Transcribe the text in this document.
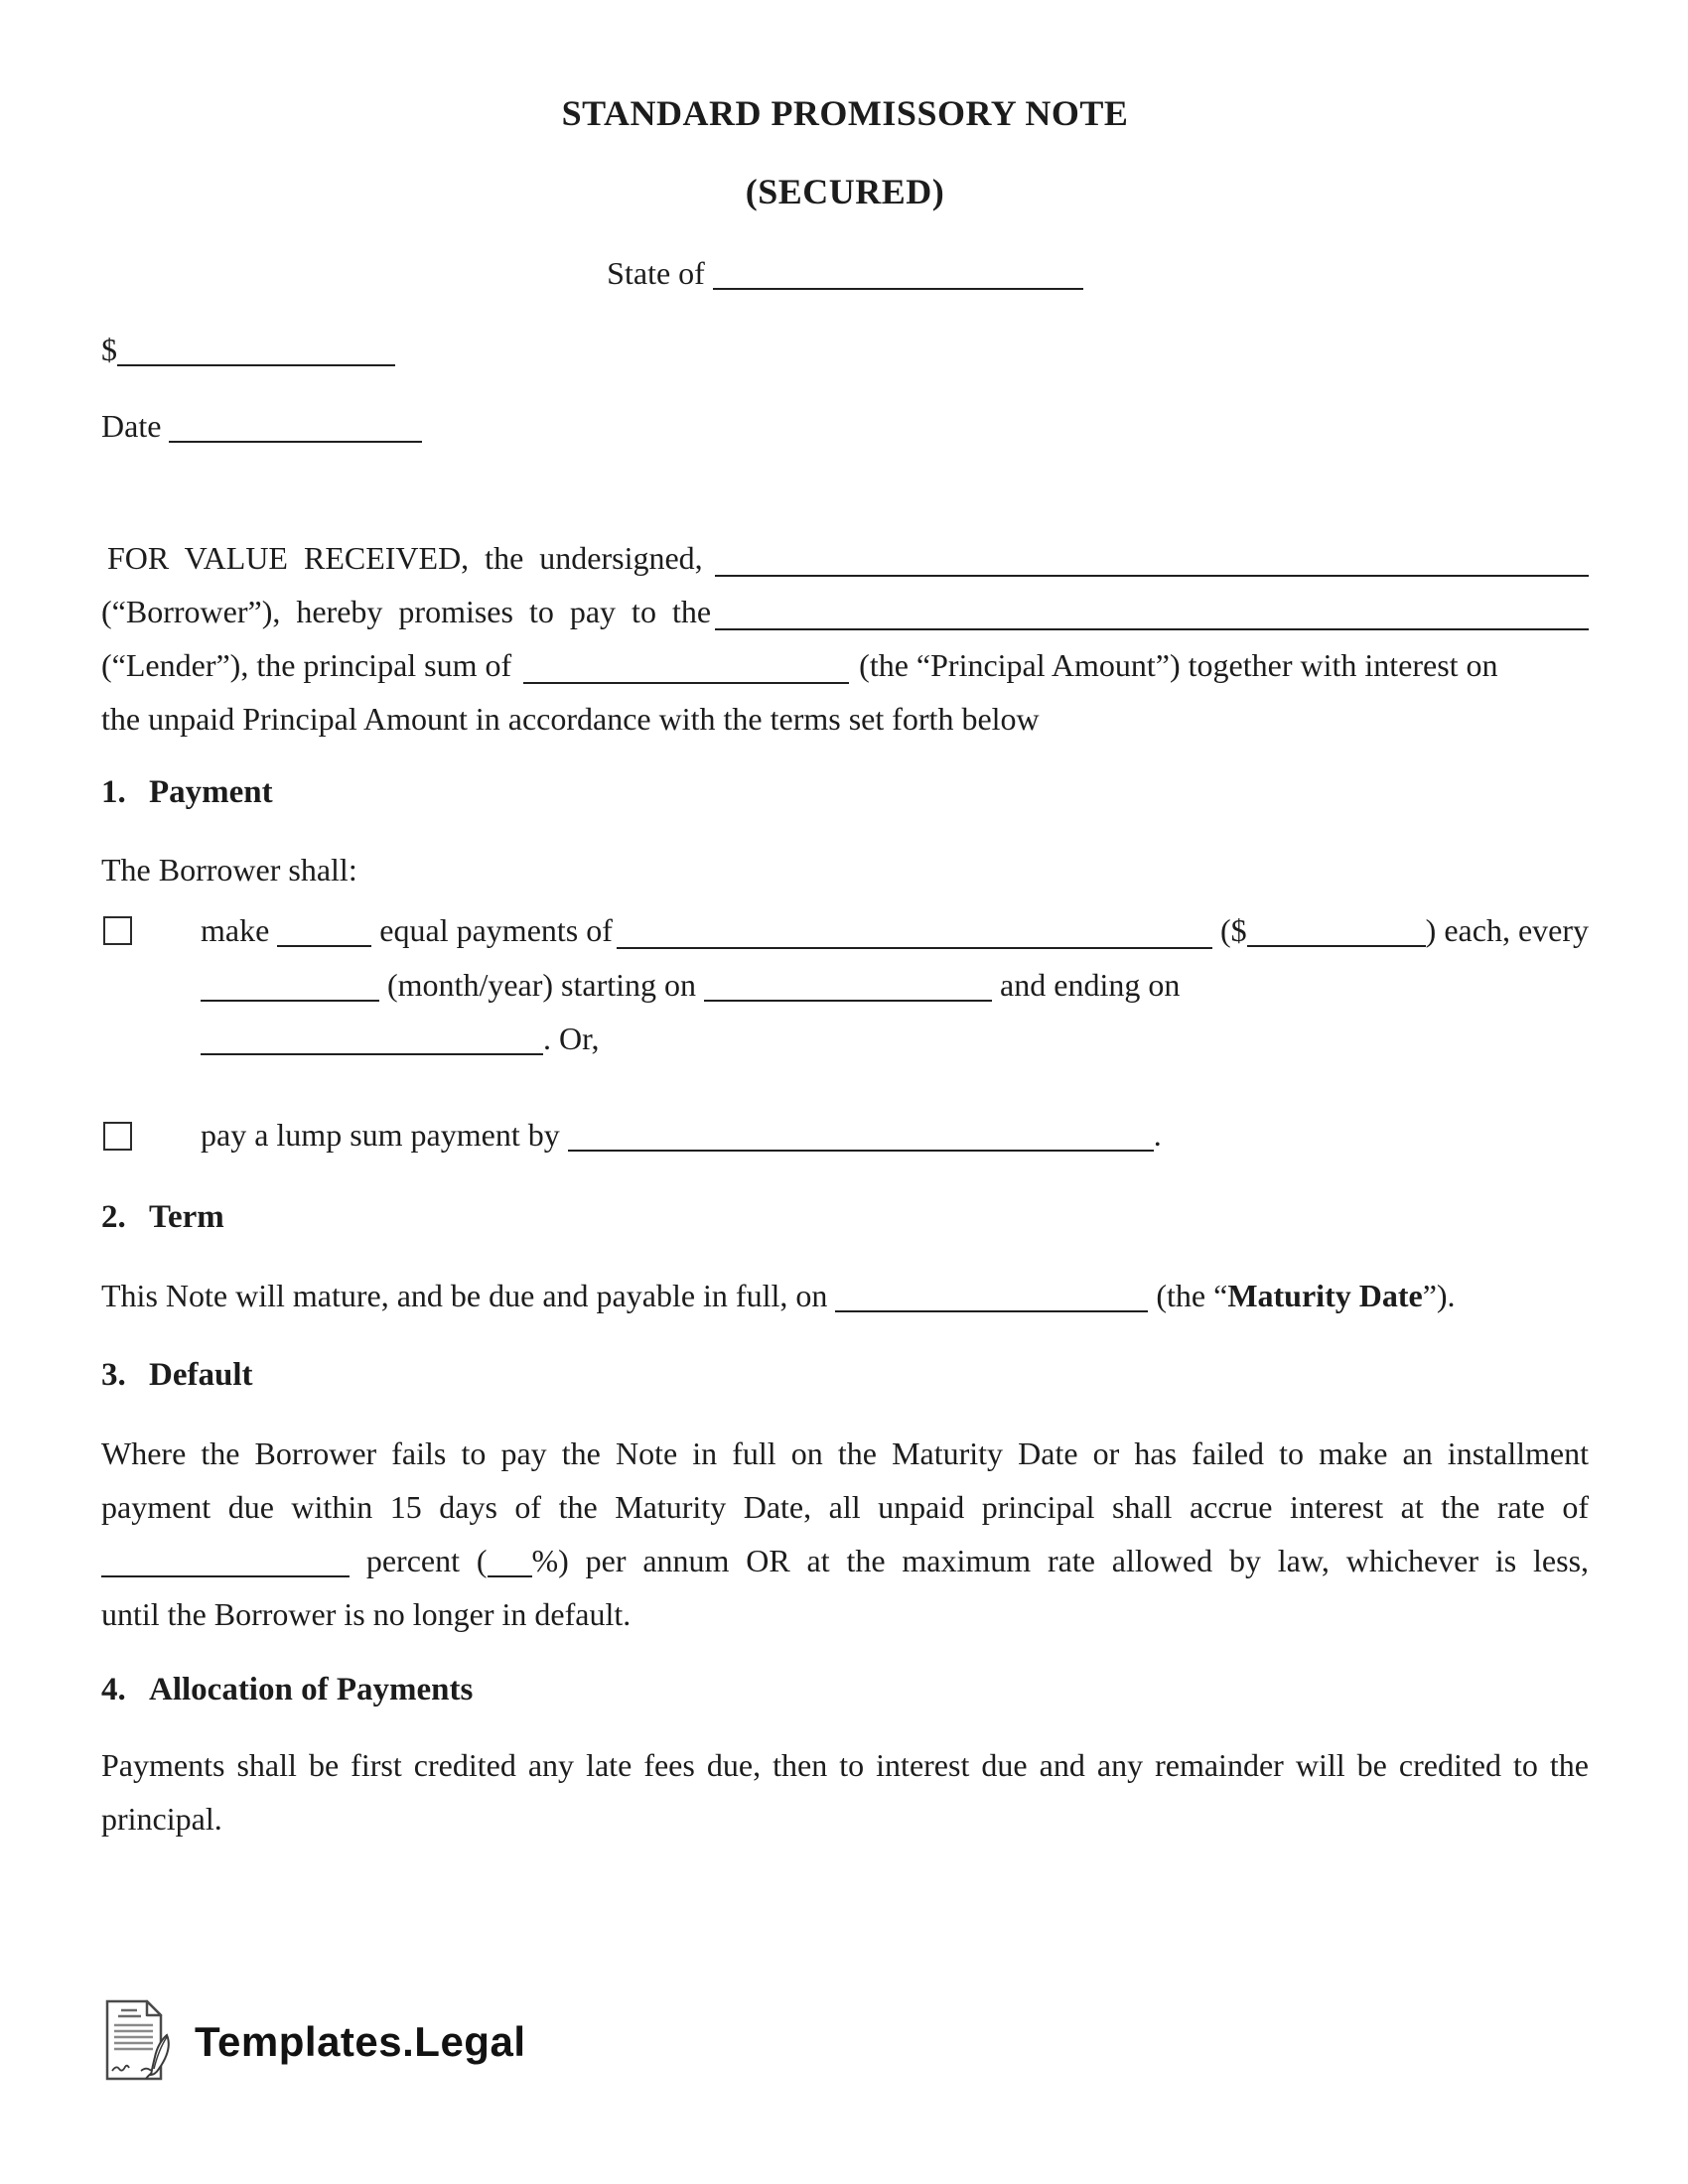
STANDARD PROMISSORY NOTE
(SECURED)
State of
$
Date
FOR VALUE RECEIVED, the undersigned,
(“Borrower”), hereby promises to pay to the
(“Lender”), the principal sum of	(the “Principal Amount”) together with interest on
the unpaid Principal Amount in accordance with the terms set forth below
1. Payment
The Borrower shall:
make	equal payments of	($	) each, every
(month/year) starting on	and ending on
. Or,
pay a lump sum payment by	.
2. Term
This Note will mature, and be due and payable in full, on	(the “Maturity Date”).
3. Default
Where the Borrower fails to pay the Note in full on the Maturity Date or has failed to make an installment
payment due within 15 days of the Maturity Date, all unpaid principal shall accrue interest at the rate of
percent ( %) per annum OR at the maximum rate allowed by law, whichever is less,
until the Borrower is no longer in default.
4. Allocation of Payments
Payments shall be first credited any late fees due, then to interest due and any remainder will be credited to the
principal.
Templates.Legal
